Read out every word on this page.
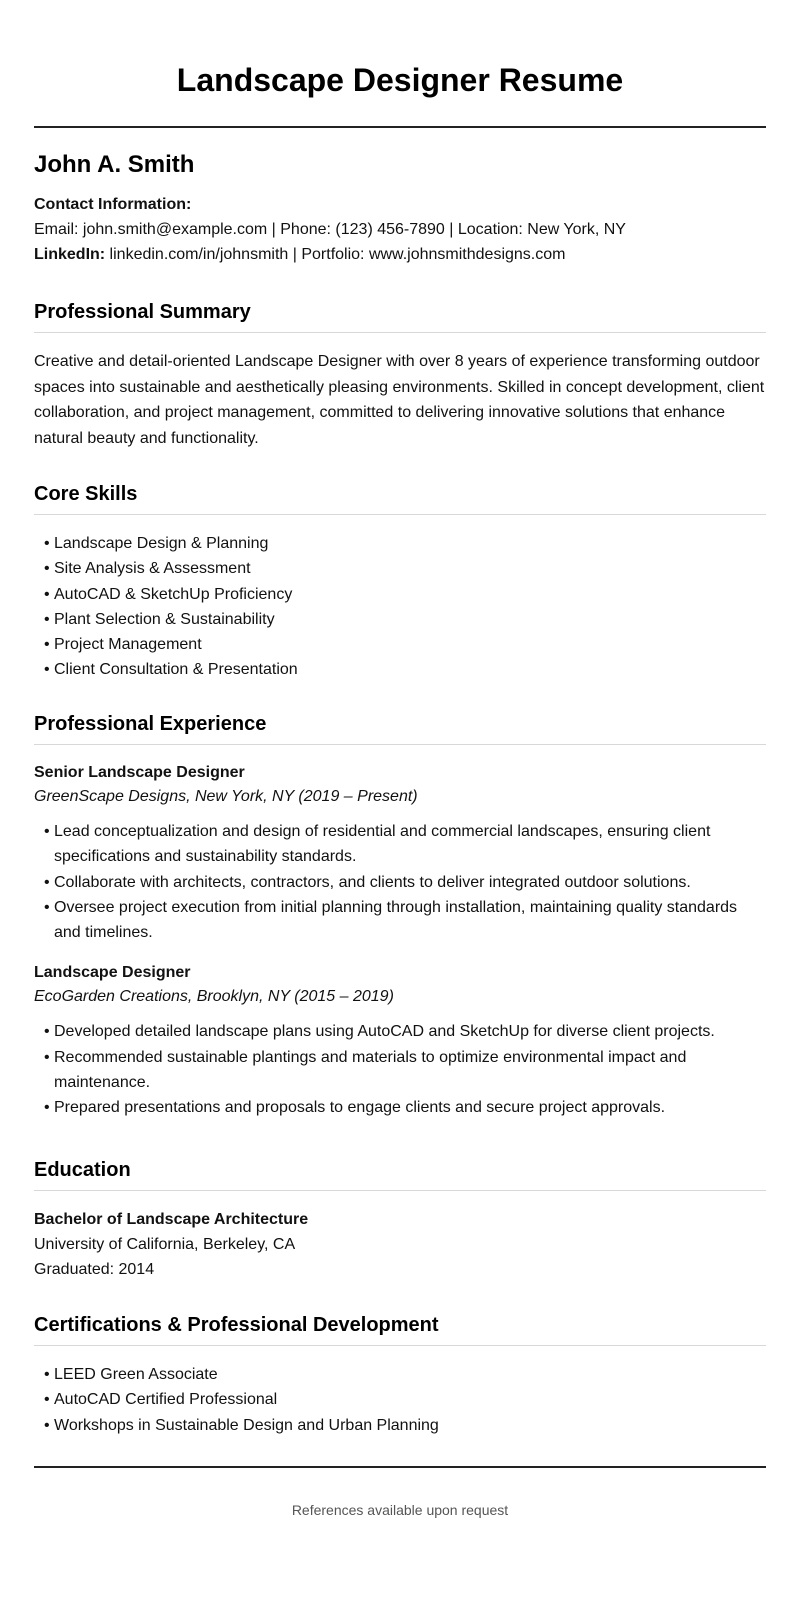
Landscape Designer Resume
John A. Smith
Contact Information:
Email: john.smith@example.com | Phone: (123) 456-7890 | Location: New York, NY
LinkedIn: linkedin.com/in/johnsmith | Portfolio: www.johnsmithdesigns.com
Professional Summary

Creative and detail-oriented Landscape Designer with over 8 years of experience transforming outdoor spaces into sustainable and aesthetically pleasing environments. Skilled in concept development, client collaboration, and project management, committed to delivering innovative solutions that enhance natural beauty and functionality.

Core Skills
• Landscape Design & Planning
• Site Analysis & Assessment
• AutoCAD & SketchUp Proficiency
• Plant Selection & Sustainability
• Project Management
• Client Consultation & Presentation
Professional Experience
Senior Landscape Designer
GreenScape Designs, New York, NY (2019 – Present)
• Lead conceptualization and design of residential and commercial landscapes, ensuring client specifications and sustainability standards.
• Collaborate with architects, contractors, and clients to deliver integrated outdoor solutions.
• Oversee project execution from initial planning through installation, maintaining quality standards and timelines.
Landscape Designer
EcoGarden Creations, Brooklyn, NY (2015 – 2019)
• Developed detailed landscape plans using AutoCAD and SketchUp for diverse client projects.
• Recommended sustainable plantings and materials to optimize environmental impact and maintenance.
• Prepared presentations and proposals to engage clients and secure project approvals.
Education
Bachelor of Landscape Architecture
University of California, Berkeley, CA
Graduated: 2014
Certifications & Professional Development
• LEED Green Associate
• AutoCAD Certified Professional
• Workshops in Sustainable Design and Urban Planning
References available upon request
